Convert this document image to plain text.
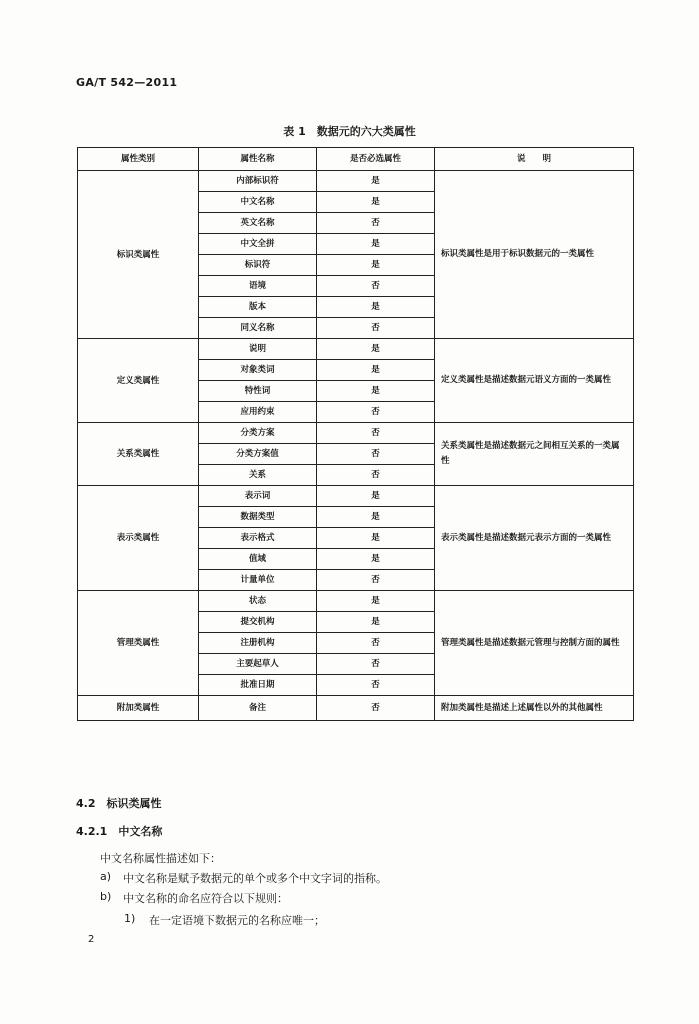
GA/T 542—2011
表 1　数据元的六大类属性
属性类别	属性名称	是否必选属性	说　　明
标识类属性	内部标识符	是	标识类属性是用于标识数据元的一类属性
	中文名称	是	
	英文名称	否	
	中文全拼	是	
	标识符	是	
	语境	否	
	版本	是	
	同义名称	否	
定义类属性	说明	是	定义类属性是描述数据元语义方面的一类属性
	对象类词	是	
	特性词	是	
	应用约束	否	
关系类属性	分类方案	否	关系类属性是描述数据元之间相互关系的一类属性
	分类方案值	否	
	关系	否	
表示类属性	表示词	是	表示类属性是描述数据元表示方面的一类属性
	数据类型	是	
	表示格式	是	
	值域	是	
	计量单位	否	
管理类属性	状态	是	管理类属性是描述数据元管理与控制方面的属性
	提交机构	是	
	注册机构	否	
	主要起草人	否	
	批准日期	否	
附加类属性	备注	否	附加类属性是描述上述属性以外的其他属性
4.2　标识类属性
4.2.1　中文名称
中文名称属性描述如下：
a) 中文名称是赋予数据元的单个或多个中文字词的指称。
b) 中文名称的命名应符合以下规则：
1) 在一定语境下数据元的名称应唯一；
2
